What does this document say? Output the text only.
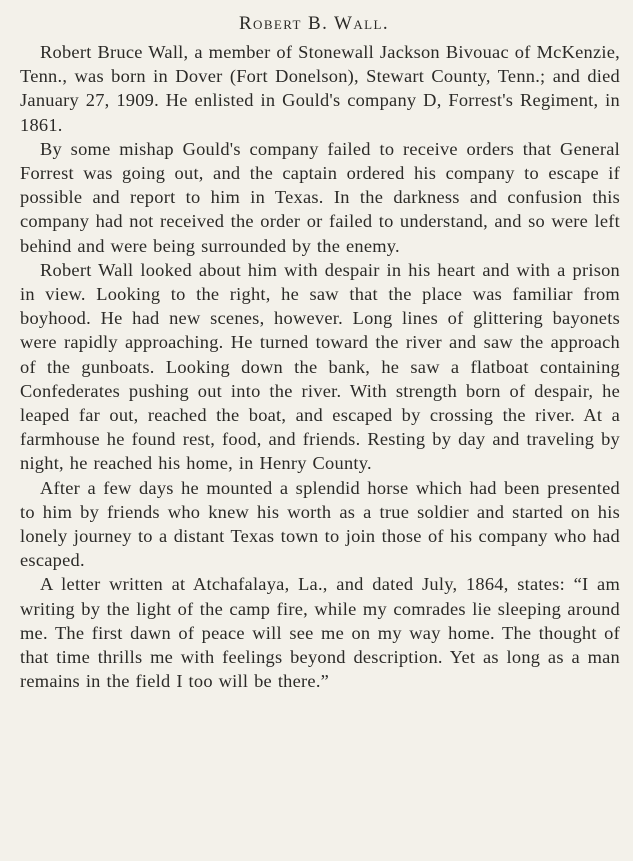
Robert B. Wall.

Robert Bruce Wall, a member of Stonewall Jackson Bivouac of McKenzie, Tenn., was born in Dover (Fort Donelson), Stewart County, Tenn.; and died January 27, 1909. He enlisted in Gould's company D, Forrest's Regiment, in 1861.

By some mishap Gould's company failed to receive orders that General Forrest was going out, and the captain ordered his company to escape if possible and report to him in Texas. In the darkness and confusion this company had not received the order or failed to understand, and so were left behind and were being surrounded by the enemy.

Robert Wall looked about him with despair in his heart and with a prison in view. Looking to the right, he saw that the place was familiar from boyhood. He had new scenes, however. Long lines of glittering bayonets were rapidly approaching. He turned toward the river and saw the approach of the gunboats. Looking down the bank, he saw a flatboat containing Confederates pushing out into the river. With strength born of despair, he leaped far out, reached the boat, and escaped by crossing the river. At a farmhouse he found rest, food, and friends. Resting by day and traveling by night, he reached his home, in Henry County.

After a few days he mounted a splendid horse which had been presented to him by friends who knew his worth as a true soldier and started on his lonely journey to a distant Texas town to join those of his company who had escaped.

A letter written at Atchafalaya, La., and dated July, 1864, states: “I am writing by the light of the camp fire, while my comrades lie sleeping around me. The first dawn of peace will see me on my way home. The thought of that time thrills me with feelings beyond description. Yet as long as a man remains in the field I too will be there.”
